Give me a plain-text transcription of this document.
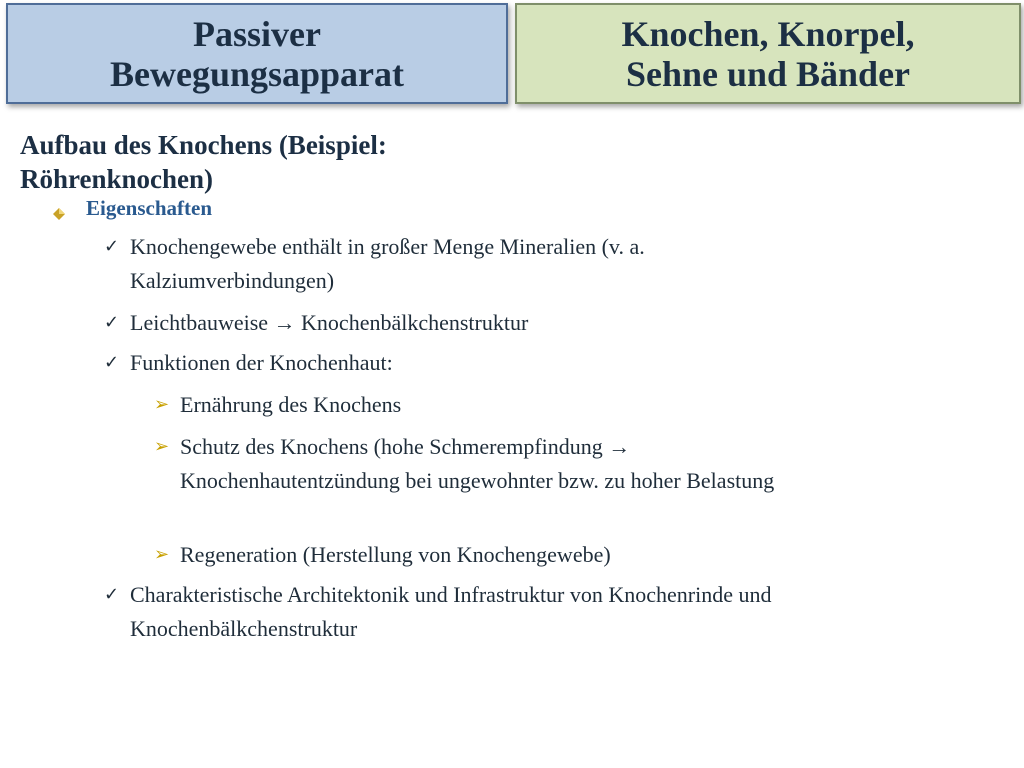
Passiver Bewegungsapparat
Knochen, Knorpel,
Sehne und Bänder
Aufbau des Knochens (Beispiel: Röhrenknochen)
Eigenschaften
✓ Knochengewebe enthält in großer Menge Mineralien (v. a. Kalziumverbindungen)
✓ Leichtbauweise → Knochenbälkchenstruktur
✓ Funktionen der Knochenhaut:
➢ Ernährung des Knochens
➢ Schutz des Knochens (hohe Schmerempfindung → Knochenhautentzündung bei ungewohnter bzw. zu hoher Belastung
➢ Regeneration (Herstellung von Knochengewebe)
✓ Charakteristische Architektonik und Infrastruktur von Knochenrinde und Knochenbälkchenstruktur
